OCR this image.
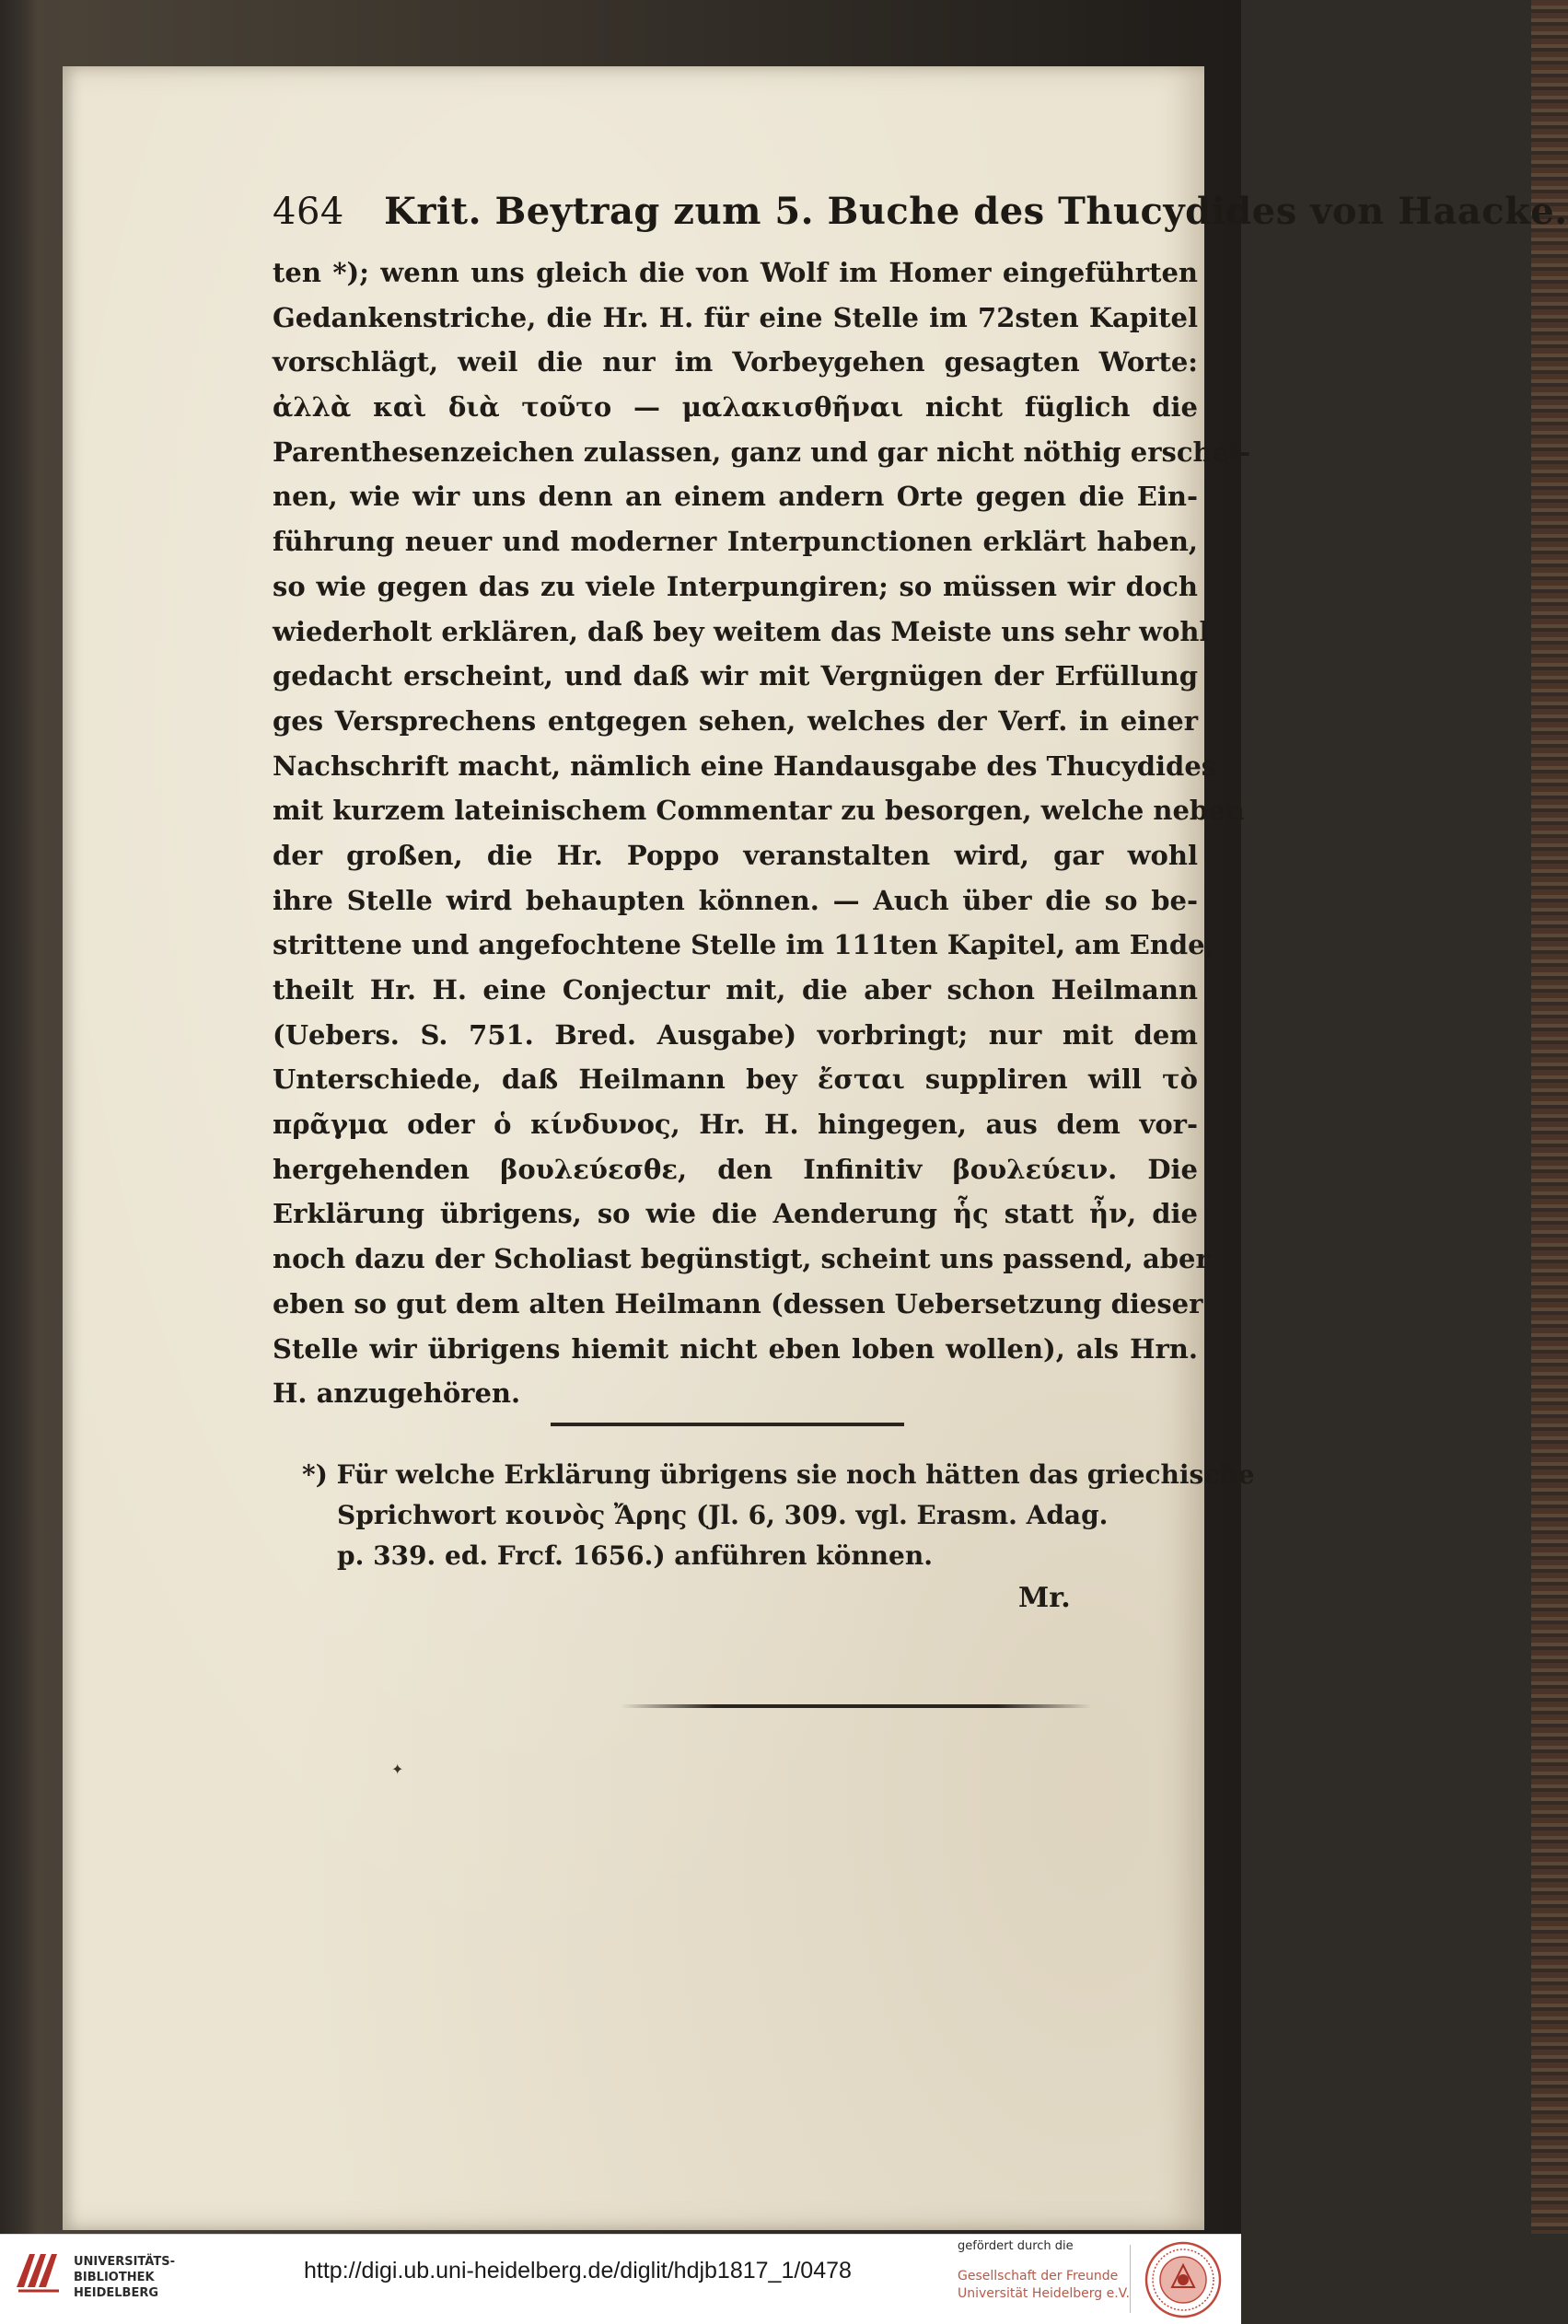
464 Krit. Beytrag zum 5. Buche des Thucydides von Haacke.
ten *); wenn uns gleich die von Wolf im Homer eingeführten
Gedankenstriche, die Hr. H. für eine Stelle im 72sten Kapitel
vorschlägt, weil die nur im Vorbeygehen gesagten Worte:
ἀλλὰ καὶ διὰ τοῦτο — μαλακισθῆναι nicht füglich die
Parenthesenzeichen zulassen, ganz und gar nicht nöthig erschei-
nen, wie wir uns denn an einem andern Orte gegen die Ein-
führung neuer und moderner Interpunctionen erklärt haben,
so wie gegen das zu viele Interpungiren; so müssen wir doch
wiederholt erklären, daß bey weitem das Meiste uns sehr wohl
gedacht erscheint, und daß wir mit Vergnügen der Erfüllung
ges Versprechens entgegen sehen, welches der Verf. in einer
Nachschrift macht, nämlich eine Handausgabe des Thucydides
mit kurzem lateinischem Commentar zu besorgen, welche neben
der großen, die Hr. Poppo veranstalten wird, gar wohl
ihre Stelle wird behaupten können. — Auch über die so be-
strittene und angefochtene Stelle im 111ten Kapitel, am Ende,
theilt Hr. H. eine Conjectur mit, die aber schon Heilmann
(Uebers. S. 751. Bred. Ausgabe) vorbringt; nur mit dem
Unterschiede, daß Heilmann bey ἔσται suppliren will τὸ
πρᾶγμα oder ὁ κίνδυνος, Hr. H. hingegen, aus dem vor-
hergehenden βουλεύεσθε, den Infinitiv βουλεύειν. Die
Erklärung übrigens, so wie die Aenderung ἧς statt ἦν, die
noch dazu der Scholiast begünstigt, scheint uns passend, aber
eben so gut dem alten Heilmann (dessen Uebersetzung dieser
Stelle wir übrigens hiemit nicht eben loben wollen), als Hrn.
H. anzugehören.
*) Für welche Erklärung übrigens sie noch hätten das griechische
Sprichwort κοινὸς Ἄρης (Jl. 6, 309. vgl. Erasm. Adag.
p. 339. ed. Frcf. 1656.) anführen können.
Mr.
✦
UNIVERSITÄTS-
BIBLIOTHEK
HEIDELBERG
http://digi.ub.uni-heidelberg.de/diglit/hdjb1817_1/0478
gefördert durch die
Gesellschaft der Freunde
Universität Heidelberg e.V.
